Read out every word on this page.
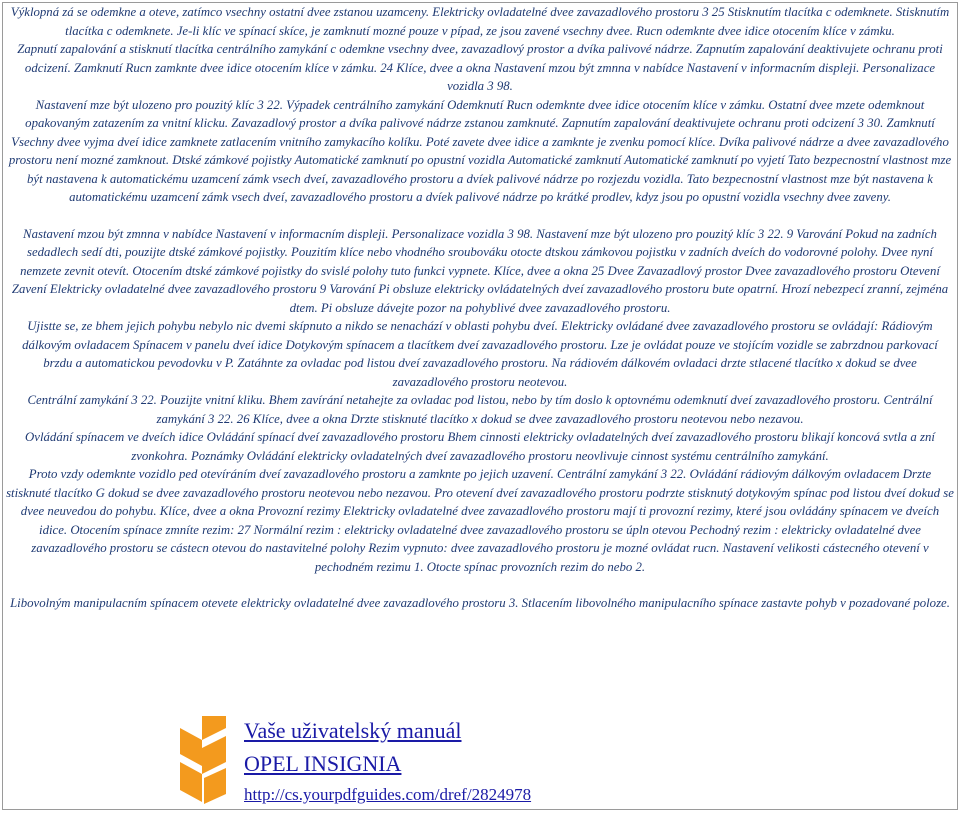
Výklopná zá se odemkne a oteve, zatímco vsechny ostatní dvee zstanou uzamceny. Elektricky ovladatelné dvee zavazadlového prostoru 3 25 Stisknutím tlacítka c odemknete. Stisknutím tlacítka c odemknete. Je-li klíc ve spínací skíce, je zamknutí mozné pouze v pípad, ze jsou zavené vsechny dvee. Rucn odemknte dvee idice otocením klíce v zámku.

Zapnutí zapalování a stisknutí tlacítka centrálního zamykání c odemkne vsechny dvee, zavazadlový prostor a dvíka palivové nádrze. Zapnutím zapalování deaktivujete ochranu proti odcizení. Zamknutí Rucn zamknte dvee idice otocením klíce v zámku. 24 Klíce, dvee a okna Nastavení mzou být zmnna v nabídce Nastavení v informacním displeji. Personalizace vozidla 3 98.

Nastavení mze být ulozeno pro pouzitý klíc 3 22. Výpadek centrálního zamykání Odemknutí Rucn odemknte dvee idice otocením klíce v zámku. Ostatní dvee mzete odemknout opakovaným zatazením za vnitní klicku. Zavazadlový prostor a dvíka palivové nádrze zstanou zamknuté. Zapnutím zapalování deaktivujete ochranu proti odcizení 3 30. Zamknutí Vsechny dvee vyjma dveí idice zamknete zatlacením vnitního zamykacího kolíku. Poté zavete dvee idice a zamknte je zvenku pomocí klíce. Dvíka palivové nádrze a dvee zavazadlového prostoru není mozné zamknout. Dtské zámkové pojistky Automatické zamknutí po opustní vozidla Automatické zamknutí Automatické zamknutí po vyjetí Tato bezpecnostní vlastnost mze být nastavena k automatickému uzamcení zámk vsech dveí, zavazadlového prostoru a dvíek palivové nádrze po rozjezdu vozidla. Tato bezpecnostní vlastnost mze být nastavena k automatickému uzamcení zámk vsech dveí, zavazadlového prostoru a dvíek palivové nádrze po krátké prodlev, kdyz jsou po opustní vozidla vsechny dvee zaveny.

Nastavení mzou být zmnna v nabídce Nastavení v informacním displeji. Personalizace vozidla 3 98. Nastavení mze být ulozeno pro pouzitý klíc 3 22. 9 Varování Pokud na zadních sedadlech sedí dti, pouzijte dtské zámkové pojistky. Pouzitím klíce nebo vhodného sroubováku otocte dtskou zámkovou pojistku v zadních dveích do vodorovné polohy. Dvee nyní nemzete zevnit otevít. Otocením dtské zámkové pojistky do svislé polohy tuto funkci vypnete. Klíce, dvee a okna 25 Dvee Zavazadlový prostor Dvee zavazadlového prostoru Otevení Zavení Elektricky ovladatelné dvee zavazadlového prostoru 9 Varování Pi obsluze elektricky ovládatelných dveí zavazadlového prostoru bute opatrní. Hrozí nebezpecí zranní, zejména dtem. Pi obsluze dávejte pozor na pohyblivé dvee zavazadlového prostoru.

Ujistte se, ze bhem jejich pohybu nebylo nic dvemi skípnuto a nikdo se nenachází v oblasti pohybu dveí. Elektricky ovládané dvee zavazadlového prostoru se ovládají: Rádiovým dálkovým ovladacem Spínacem v panelu dveí idice Dotykovým spínacem a tlacítkem dveí zavazadlového prostoru. Lze je ovládat pouze ve stojícím vozidle se zabrzdnou parkovací brzdu a automatickou pevodovku v P. Zatáhnte za ovladac pod listou dveí zavazadlového prostoru. Na rádiovém dálkovém ovladaci drzte stlacené tlacítko x dokud se dvee zavazadlového prostoru neotevou.

Centrální zamykání 3 22. Pouzijte vnitní kliku. Bhem zavírání netahejte za ovladac pod listou, nebo by tím doslo k optovnému odemknutí dveí zavazadlového prostoru. Centrální zamykání 3 22. 26 Klíce, dvee a okna Drzte stisknuté tlacítko x dokud se dvee zavazadlového prostoru neotevou nebo nezavou.

Ovládání spínacem ve dveích idice Ovládání spínací dveí zavazadlového prostoru Bhem cinnosti elektricky ovladatelných dveí zavazadlového prostoru blikají koncová svtla a zní zvonkohra. Poznámky Ovládání elektricky ovladatelných dveí zavazadlového prostoru neovlivuje cinnost systému centrálního zamykání.

Proto vzdy odemknte vozidlo ped otevíráním dveí zavazadlového prostoru a zamknte po jejich uzavení. Centrální zamykání 3 22. Ovládání rádiovým dálkovým ovladacem Drzte stisknuté tlacítko G dokud se dvee zavazadlového prostoru neotevou nebo nezavou. Pro otevení dveí zavazadlového prostoru podrzte stisknutý dotykovým spínac pod listou dveí dokud se dvee neuvedou do pohybu. Klíce, dvee a okna Provozní rezimy Elektricky ovladatelné dvee zavazadlového prostoru mají ti provozní rezimy, které jsou ovládány spínacem ve dveích idice. Otocením spínace zmníte rezim: 27 Normální rezim : elektricky ovladatelné dvee zavazadlového prostoru se úpln otevou Pechodný rezim : elektricky ovladatelné dvee zavazadlového prostoru se cástecn otevou do nastavitelné polohy Rezim vypnuto: dvee zavazadlového prostoru je mozné ovládat rucn. Nastavení velikosti cástecného otevení v pechodném rezimu 1. Otocte spínac provozních rezim do nebo 2.

Libovolným manipulacním spínacem otevete elektricky ovladatelné dvee zavazadlového prostoru 3. Stlacením libovolného manipulacního spínace zastavte pohyb v pozadované poloze.

Vaše uživatelský manuál
OPEL INSIGNIA
http://cs.yourpdfguides.com/dref/2824978
